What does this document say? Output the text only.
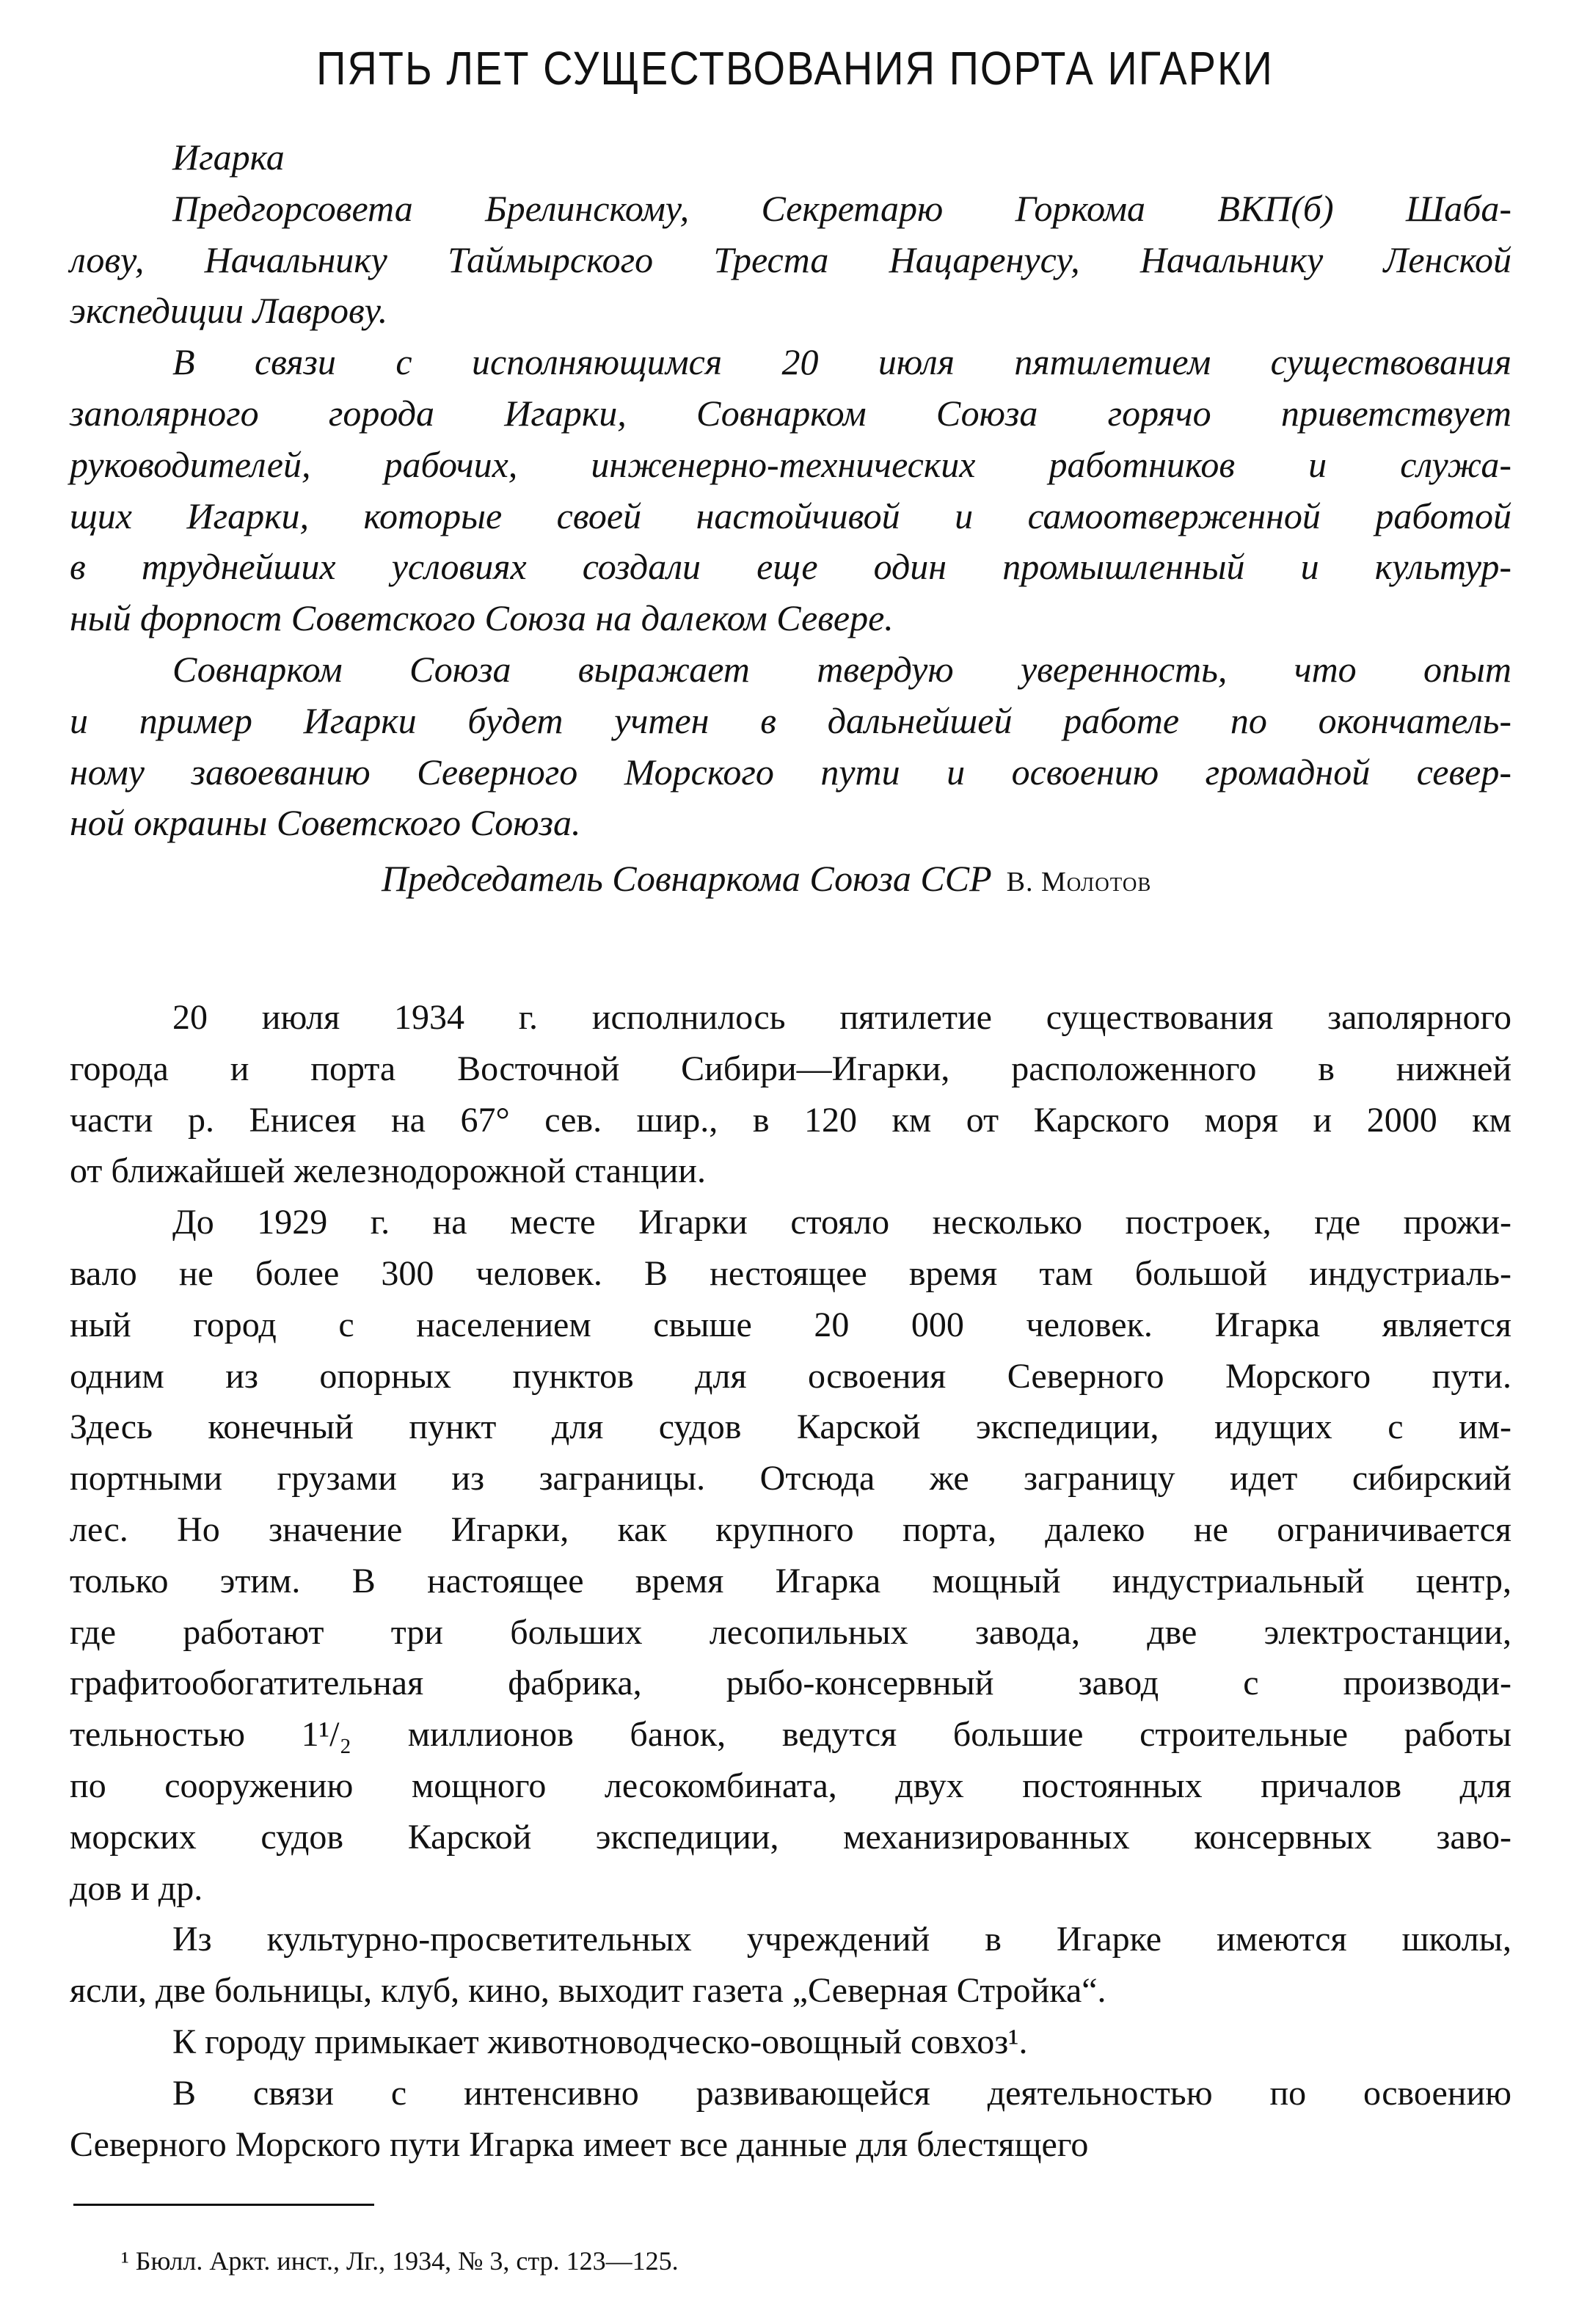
ПЯТЬ ЛЕТ СУЩЕСТВОВАНИЯ ПОРТА ИГАРКИ
Игарка
Предгорсовета Брелинскому, Секретарю Горкома ВКП(б) Шаба-
лову, Начальнику Таймырского Треста Нацаренусу, Начальнику Ленской
экспедиции Лаврову.
В связи с исполняющимся 20 июля пятилетием существования
заполярного города Игарки, Совнарком Союза горячо приветствует
руководителей, рабочих, инженерно-технических работников и служа-
щих Игарки, которые своей настойчивой и самоотверженной работой
в труднейших условиях создали еще один промышленный и культур-
ный форпост Советского Союза на далеком Севере.
Совнарком Союза выражает твердую уверенность, что опыт
и пример Игарки будет учтен в дальнейшей работе по окончатель-
ному завоеванию Северного Морского пути и освоению громадной север-
ной окраины Советского Союза.
Председатель Совнаркома Союза ССР В. Молотов
20 июля 1934 г. исполнилось пятилетие существования заполярного
города и порта Восточной Сибири—Игарки, расположенного в нижней
части р. Енисея на 67° сев. шир., в 120 км от Карского моря и 2000 км
от ближайшей железнодорожной станции.
До 1929 г. на месте Игарки стояло несколько построек, где прожи-
вало не более 300 человек. В нестоящее время там большой индустриаль-
ный город с населением свыше 20 000 человек. Игарка является
одним из опорных пунктов для освоения Северного Морского пути.
Здесь конечный пункт для судов Карской экспедиции, идущих с им-
портными грузами из заграницы. Отсюда же заграницу идет сибирский
лес. Но значение Игарки, как крупного порта, далеко не ограничивается
только этим. В настоящее время Игарка мощный индустриальный центр,
где работают три больших лесопильных завода, две электростанции,
графитообогатительная фабрика, рыбо-консервный завод с производи-
тельностью 1¹/₂ миллионов банок, ведутся большие строительные работы
по сооружению мощного лесокомбината, двух постоянных причалов для
морских судов Карской экспедиции, механизированных консервных заво-
дов и др.
Из культурно-просветительных учреждений в Игарке имеются школы,
ясли, две больницы, клуб, кино, выходит газета „Северная Стройка“.
К городу примыкает животноводческо-овощный совхоз¹.
В связи с интенсивно развивающейся деятельностью по освоению
Северного Морского пути Игарка имеет все данные для блестящего
¹ Бюлл. Аркт. инст., Лг., 1934, № 3, стр. 123—125.
